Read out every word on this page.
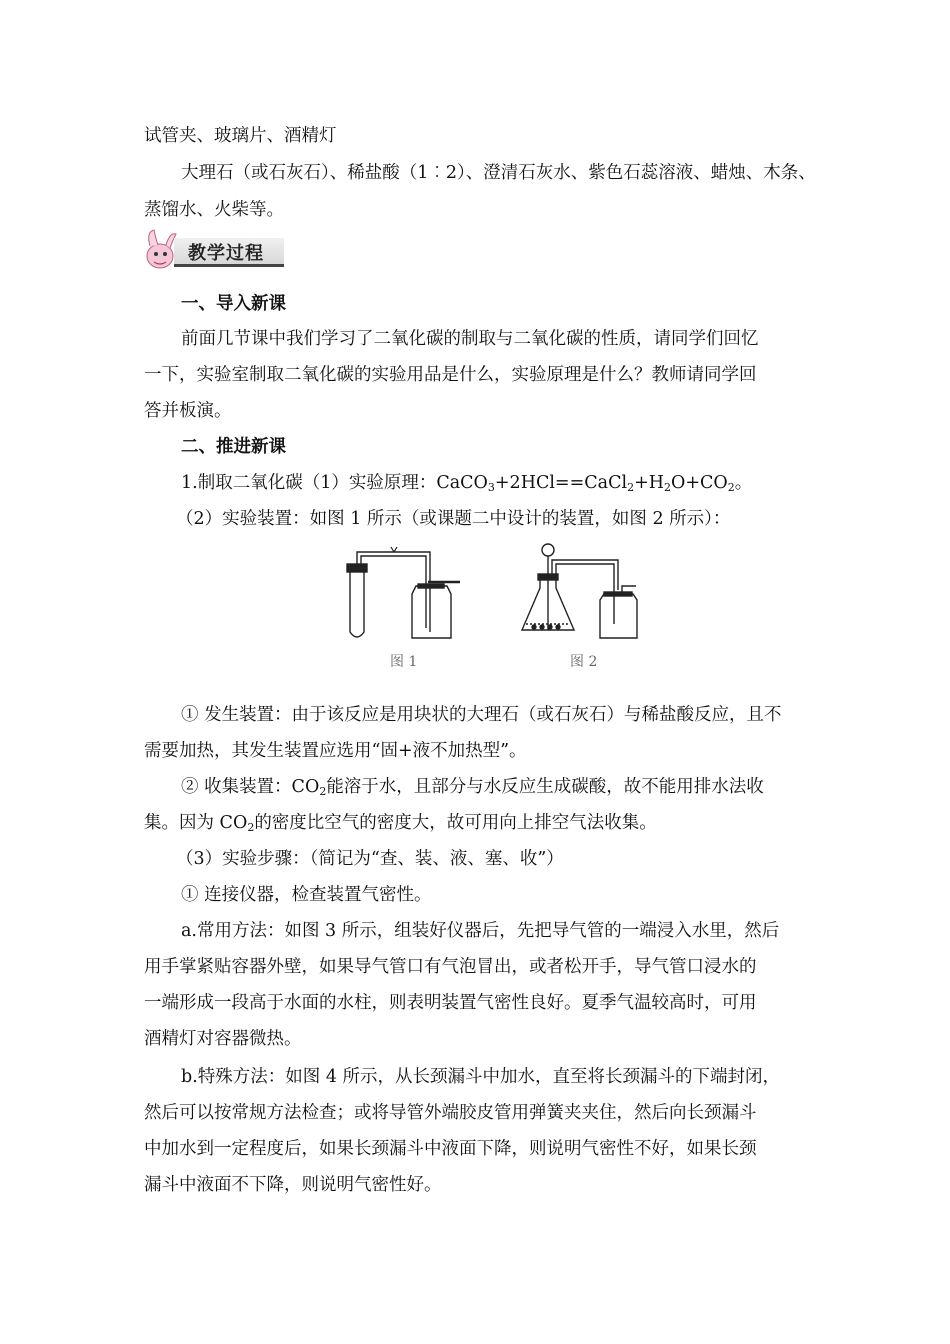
试管夹、玻璃片、酒精灯
大理石（或石灰石）、稀盐酸（1︰2）、澄清石灰水、紫色石蕊溶液、蜡烛、木条、
蒸馏水、火柴等。
教学过程
一、导入新课
前面几节课中我们学习了二氧化碳的制取与二氧化碳的性质，请同学们回忆
一下，实验室制取二氧化碳的实验用品是什么，实验原理是什么？教师请同学回
答并板演。
二、推进新课
1.制取二氧化碳（1）实验原理：$CaCO_3+2HCl==CaCl_2+H_2O+CO_2$。
（2）实验装置：如图 1 所示（或课题二中设计的装置，如图 2 所示）：
图 1	图 2
① 发生装置：由于该反应是用块状的大理石（或石灰石）与稀盐酸反应，且不
需要加热，其发生装置应选用“固+液不加热型”。
② 收集装置：$CO_2$能溶于水，且部分与水反应生成碳酸，故不能用排水法收
集。因为 $CO_2$的密度比空气的密度大，故可用向上排空气法收集。
（3）实验步骤：（简记为“查、装、液、塞、收”）
① 连接仪器，检查装置气密性。
a.常用方法：如图 3 所示，组装好仪器后，先把导气管的一端浸入水里，然后
用手掌紧贴容器外壁，如果导气管口有气泡冒出，或者松开手，导气管口浸水的
一端形成一段高于水面的水柱，则表明装置气密性良好。夏季气温较高时，可用
酒精灯对容器微热。
b.特殊方法：如图 4 所示，从长颈漏斗中加水，直至将长颈漏斗的下端封闭，
然后可以按常规方法检查；或将导管外端胶皮管用弹簧夹夹住，然后向长颈漏斗
中加水到一定程度后，如果长颈漏斗中液面下降，则说明气密性不好，如果长颈
漏斗中液面不下降，则说明气密性好。
